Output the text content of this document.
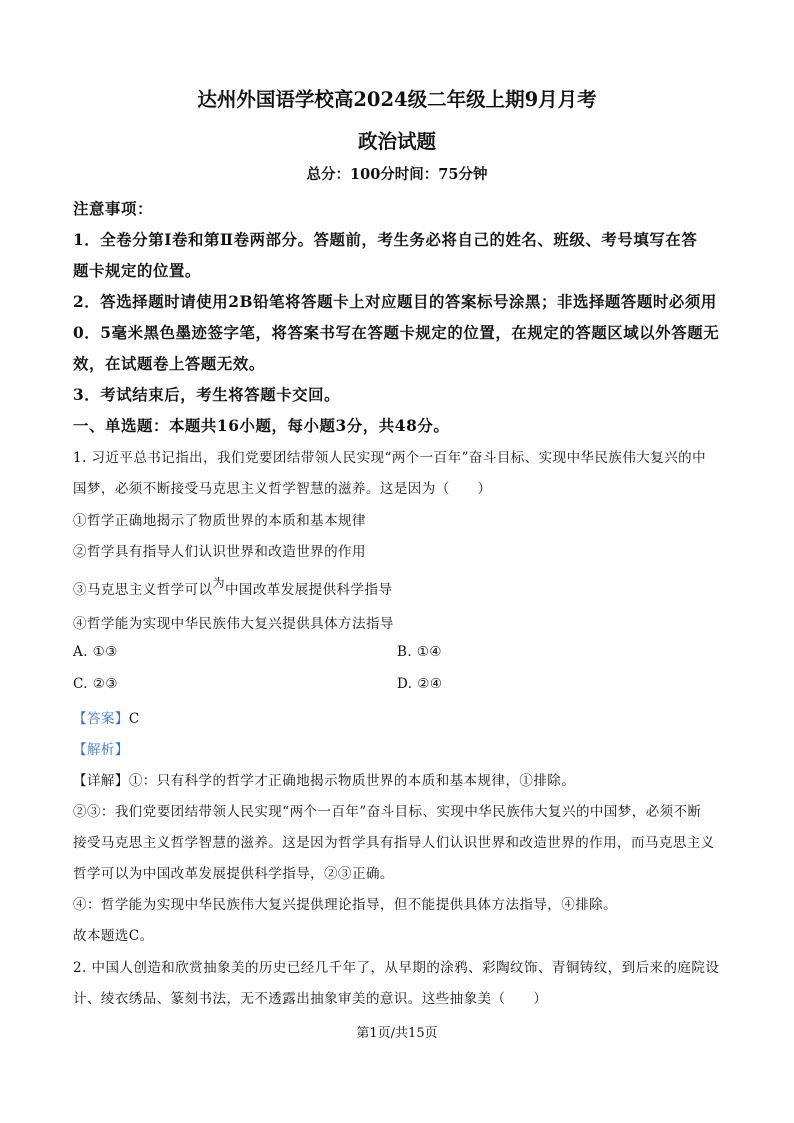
达州外国语学校高2024级二年级上期9月月考
政治试题
总分：100分时间：75分钟
注意事项：
1．全卷分第Ⅰ卷和第Ⅱ卷两部分。答题前，考生务必将自己的姓名、班级、考号填写在答
题卡规定的位置。
2．答选择题时请使用2B铅笔将答题卡上对应题目的答案标号涂黑；非选择题答题时必须用
0．5毫米黑色墨迹签字笔，将答案书写在答题卡规定的位置，在规定的答题区域以外答题无
效，在试题卷上答题无效。
3．考试结束后，考生将答题卡交回。
一、单选题：本题共16小题，每小题3分，共48分。
1. 习近平总书记指出，我们党要团结带领人民实现“两个一百年”奋斗目标、实现中华民族伟大复兴的中
国梦，必须不断接受马克思主义哲学智慧的滋养。这是因为（　　）
①哲学正确地揭示了物质世界的本质和基本规律
②哲学具有指导人们认识世界和改造世界的作用
③马克思主义哲学可以为中国改革发展提供科学指导
④哲学能为实现中华民族伟大复兴提供具体方法指导
A. ①③	B. ①④
C. ②③	D. ②④
【答案】C
【解析】
【详解】①：只有科学的哲学才正确地揭示物质世界的本质和基本规律，①排除。
②③：我们党要团结带领人民实现“两个一百年”奋斗目标、实现中华民族伟大复兴的中国梦，必须不断
接受马克思主义哲学智慧的滋养。这是因为哲学具有指导人们认识世界和改造世界的作用，而马克思主义
哲学可以为中国改革发展提供科学指导，②③正确。
④：哲学能为实现中华民族伟大复兴提供理论指导，但不能提供具体方法指导，④排除。
故本题选C。
2. 中国人创造和欣赏抽象美的历史已经几千年了，从早期的涂鸦、彩陶纹饰、青铜铸纹，到后来的庭院设
计、绫衣绣品、篆刻书法，无不透露出抽象审美的意识。这些抽象美（　　）
第1页/共15页
